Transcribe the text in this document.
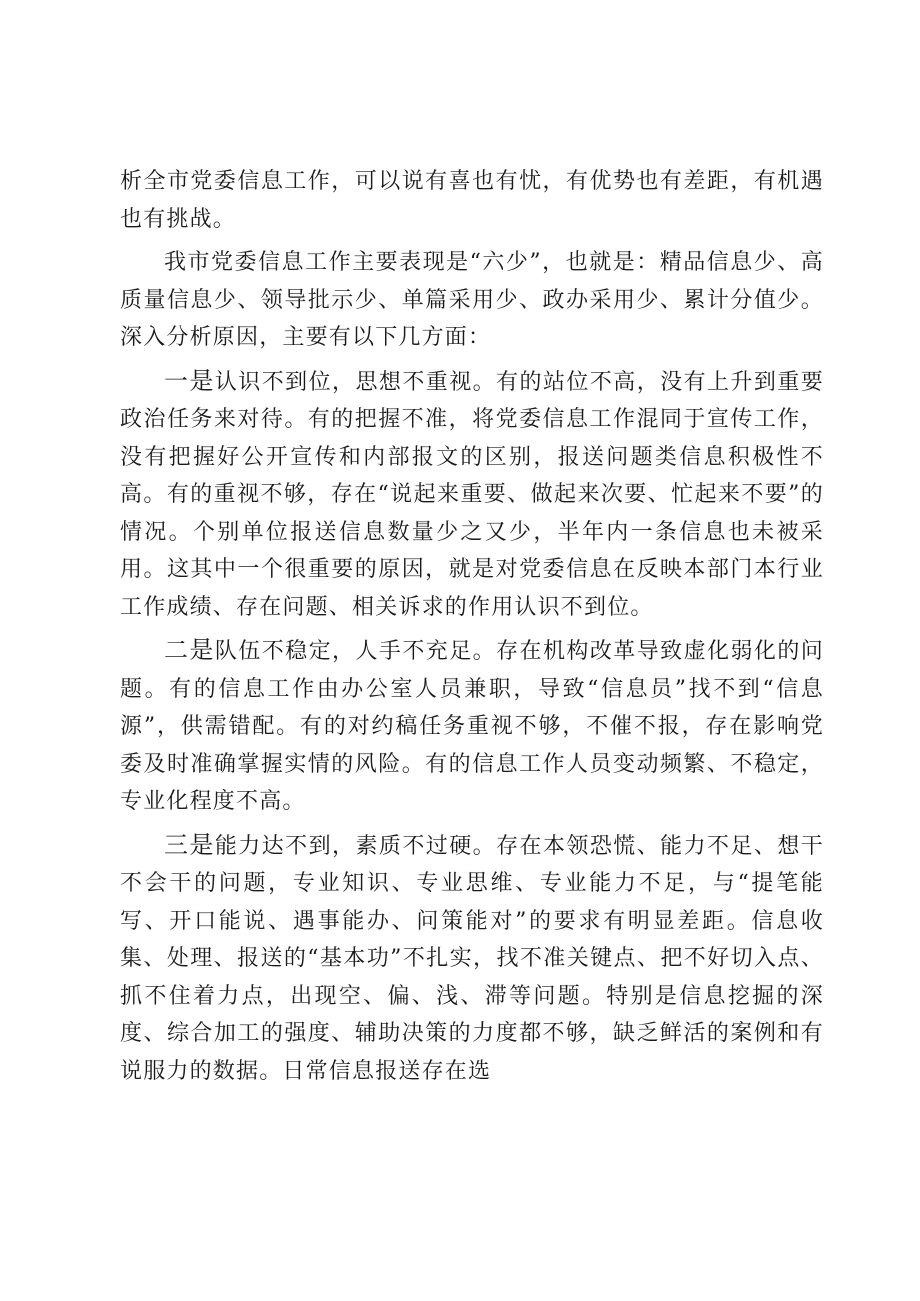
析全市党委信息工作，可以说有喜也有忧，有优势也有差距，有机遇也有挑战。

我市党委信息工作主要表现是“六少”，也就是：精品信息少、高质量信息少、领导批示少、单篇采用少、政办采用少、累计分值少。深入分析原因，主要有以下几方面：

一是认识不到位，思想不重视。有的站位不高，没有上升到重要政治任务来对待。有的把握不准，将党委信息工作混同于宣传工作，没有把握好公开宣传和内部报文的区别，报送问题类信息积极性不高。有的重视不够，存在“说起来重要、做起来次要、忙起来不要”的情况。个别单位报送信息数量少之又少，半年内一条信息也未被采用。这其中一个很重要的原因，就是对党委信息在反映本部门本行业工作成绩、存在问题、相关诉求的作用认识不到位。

二是队伍不稳定，人手不充足。存在机构改革导致虚化弱化的问题。有的信息工作由办公室人员兼职，导致“信息员”找不到“信息源”，供需错配。有的对约稿任务重视不够，不催不报，存在影响党委及时准确掌握实情的风险。有的信息工作人员变动频繁、不稳定，专业化程度不高。

三是能力达不到，素质不过硬。存在本领恐慌、能力不足、想干不会干的问题，专业知识、专业思维、专业能力不足，与“提笔能写、开口能说、遇事能办、问策能对”的要求有明显差距。信息收集、处理、报送的“基本功”不扎实，找不准关键点、把不好切入点、抓不住着力点，出现空、偏、浅、滞等问题。特别是信息挖掘的深度、综合加工的强度、辅助决策的力度都不够，缺乏鲜活的案例和有说服力的数据。日常信息报送存在选
